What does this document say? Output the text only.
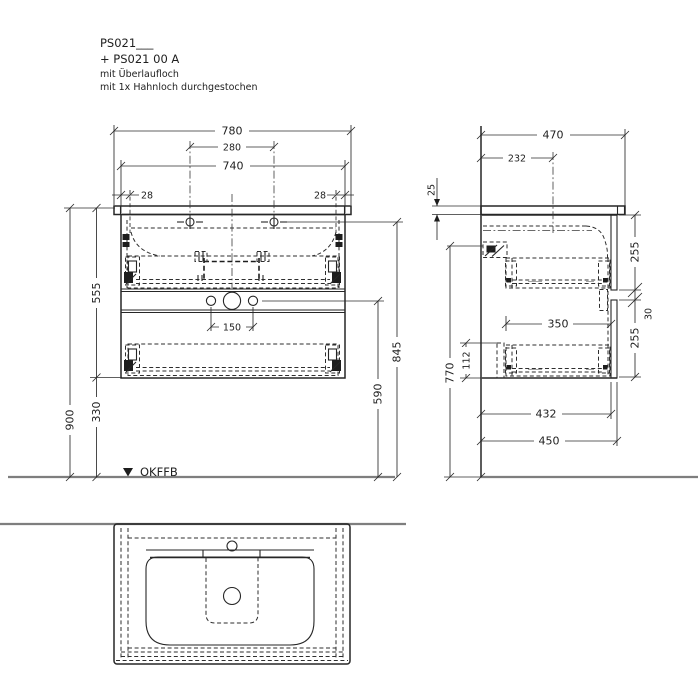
PS021___
+ PS021 00 A
mit Überlaufloch
mit 1x Hahnloch durchgestochen
OKFFB
780
280
740
28	28
150
555
900 330
845
590
470
232
25
255
30
255
350
112
770
432
450
